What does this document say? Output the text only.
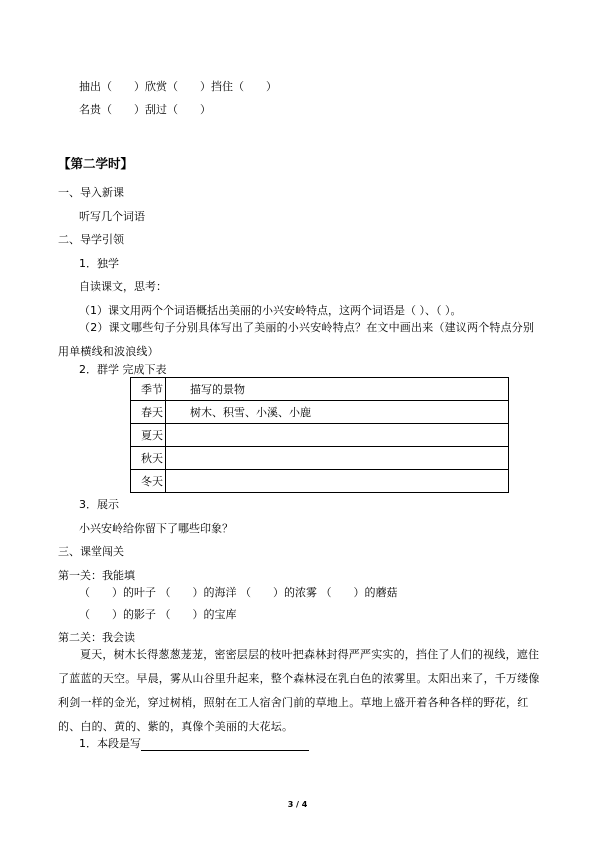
抽出（　　）欣赏（　　）挡住（　　）
名贵（　　）刮过（　　）
【第二学时】
一、导入新课
听写几个词语
二、导学引领
1．独学
自读课文，思考：
（1）课文用两个个词语概括出美丽的小兴安岭特点，这两个词语是（ ）、（ ）。
（2）课文哪些句子分别具体写出了美丽的小兴安岭特点？在文中画出来（建议两个特点分别用单横线和波浪线）
2．群学 完成下表
季节	描写的景物
春天	树木、积雪、小溪、小鹿
夏天	
秋天	
冬天	
3．展示
小兴安岭给你留下了哪些印象？
三、课堂闯关
第一关：我能填
（　　）的叶子 （　　）的海洋 （　　）的浓雾 （　　）的蘑菇
（　　）的影子 （　　）的宝库
第二关：我会读
夏天，树木长得葱葱茏茏，密密层层的枝叶把森林封得严严实实的，挡住了人们的视线，遮住了蓝蓝的天空。早晨，雾从山谷里升起来，整个森林浸在乳白色的浓雾里。太阳出来了，千万缕像利剑一样的金光，穿过树梢，照射在工人宿舍门前的草地上。草地上盛开着各种各样的野花，红的、白的、黄的、紫的，真像个美丽的大花坛。
1．本段是写
3 / 4
